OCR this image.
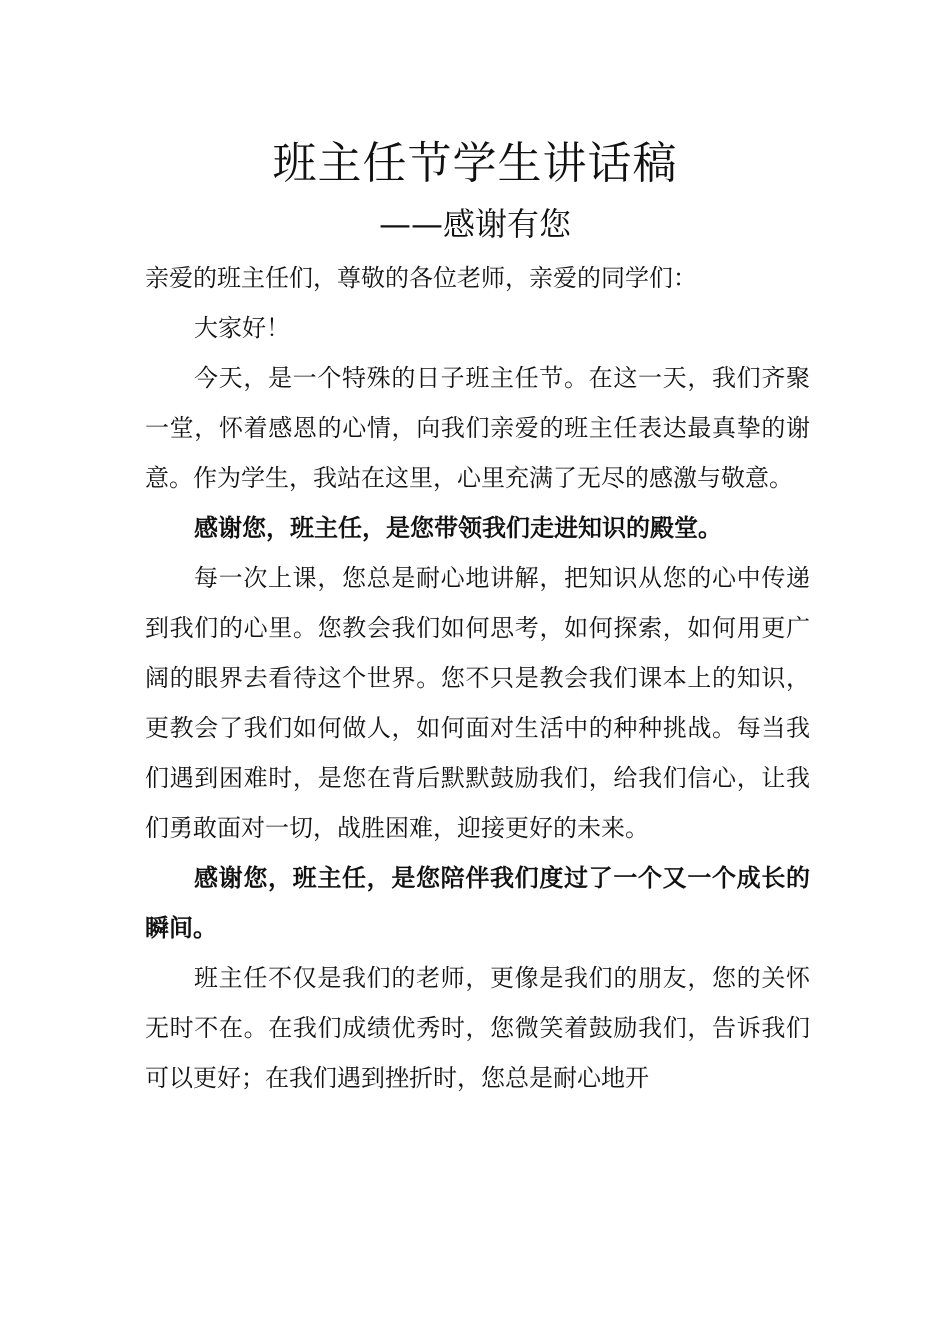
班主任节学生讲话稿
——感谢有您

亲爱的班主任们，尊敬的各位老师，亲爱的同学们：

大家好！

今天，是一个特殊的日子班主任节。在这一天，我们齐聚一堂，怀着感恩的心情，向我们亲爱的班主任表达最真挚的谢意。作为学生，我站在这里，心里充满了无尽的感激与敬意。

感谢您，班主任，是您带领我们走进知识的殿堂。

每一次上课，您总是耐心地讲解，把知识从您的心中传递到我们的心里。您教会我们如何思考，如何探索，如何用更广阔的眼界去看待这个世界。您不只是教会我们课本上的知识，更教会了我们如何做人，如何面对生活中的种种挑战。每当我们遇到困难时，是您在背后默默鼓励我们，给我们信心，让我们勇敢面对一切，战胜困难，迎接更好的未来。

感谢您，班主任，是您陪伴我们度过了一个又一个成长的瞬间。

班主任不仅是我们的老师，更像是我们的朋友，您的关怀无时不在。在我们成绩优秀时，您微笑着鼓励我们，告诉我们可以更好；在我们遇到挫折时，您总是耐心地开
